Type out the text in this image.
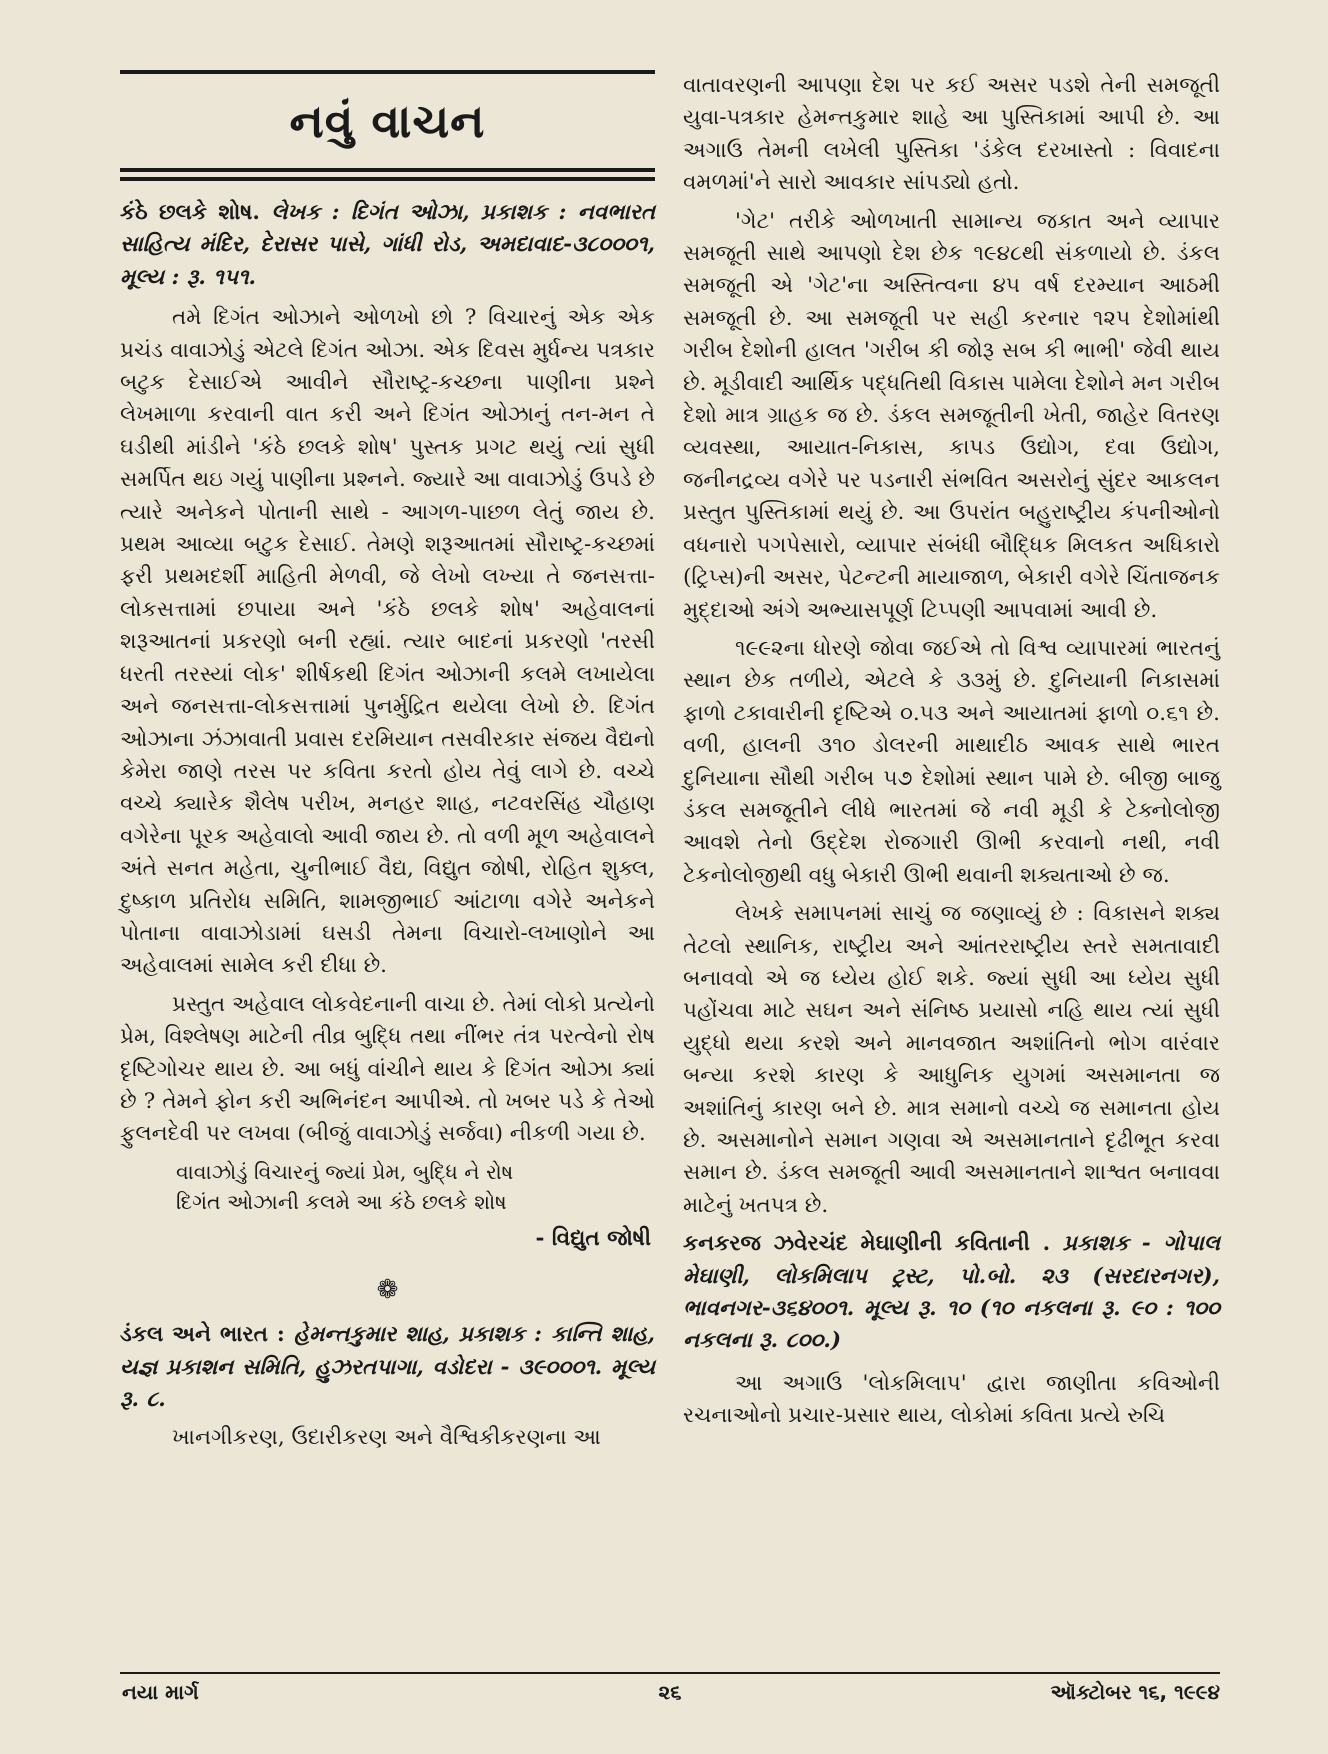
નવું વાચન
કંઠે છલકે શોષ. લેખક : દિગંત ઓઝા, પ્રકાશક : નવભારત સાહિત્ય મંદિર, દેરાસર પાસે, ગાંધી રોડ, અમદાવાદ-૩૮૦૦૦૧, મૂલ્ય : રૂ. ૧૫૧.

તમે દિગંત ઓઝાને ઓળખો છો ? વિચારનું એક એક પ્રચંડ વાવાઝોડું એટલે દિગંત ઓઝા. એક દિવસ મુર્ધન્ય પત્રકાર બટુક દેસાઈએ આવીને સૌરાષ્ટ્ર-કચ્છના પાણીના પ્રશ્ને લેખમાળા કરવાની વાત કરી અને દિગંત ઓઝાનું તન-મન તે ઘડીથી માંડીને 'કંઠે છલકે શોષ' પુસ્તક પ્રગટ થયું ત્યાં સુધી સમર્પિત થઇ ગયું પાણીના પ્રશ્નને. જ્યારે આ વાવાઝોડું ઉપડે છે ત્યારે અનેકને પોતાની સાથે - આગળ-પાછળ લેતું જાય છે. પ્રથમ આવ્યા બટુક દેસાઈ. તેમણે શરૂઆતમાં સૌરાષ્ટ્ર-કચ્છમાં ફરી પ્રથમદર્શી માહિતી મેળવી, જે લેખો લખ્યા તે જનસત્તા-લોકસત્તામાં છપાયા અને 'કંઠે છલકે શોષ' અહેવાલનાં શરૂઆતનાં પ્રકરણો બની રહ્યાં. ત્યાર બાદનાં પ્રકરણો 'તરસી ધરતી તરસ્યાં લોક' શીર્ષકથી દિગંત ઓઝાની કલમે લખાયેલા અને જનસત્તા-લોકસત્તામાં પુનર્મુદ્રિત થયેલા લેખો છે. દિગંત ઓઝાના ઝંઝાવાતી પ્રવાસ દરમિયાન તસવીરકાર સંજય વૈદ્યનો કેમેરા જાણે તરસ પર કવિતા કરતો હોય તેવું લાગે છે. વચ્ચે વચ્ચે ક્યારેક શૈલેષ પરીખ, મનહર શાહ, નટવરસિંહ ચૌહાણ વગેરેના પૂરક અહેવાલો આવી જાય છે. તો વળી મૂળ અહેવાલને અંતે સનત મહેતા, ચુનીભાઈ વૈદ્ય, વિદ્યુત જોષી, રોહિત શુક્લ, દુષ્કાળ પ્રતિરોધ સમિતિ, શામજીભાઈ આંટાળા વગેરે અનેકને પોતાના વાવાઝોડામાં ઘસડી તેમના વિચારો-લખાણોને આ અહેવાલમાં સામેલ કરી દીધા છે.

પ્રસ્તુત અહેવાલ લોકવેદનાની વાચા છે. તેમાં લોકો પ્રત્યેનો પ્રેમ, વિશ્લેષણ માટેની તીવ્ર બુદ્ધિ તથા નીંભર તંત્ર પરત્વેનો રોષ દૃષ્ટિગોચર થાય છે. આ બધું વાંચીને થાય કે દિગંત ઓઝા ક્યાં છે ? તેમને ફોન કરી અભિનંદન આપીએ. તો ખબર પડે કે તેઓ ફુલનદેવી પર લખવા (બીજું વાવાઝોડું સર્જવા) નીકળી ગયા છે.

વાવાઝોડું વિચારનું જ્યાં પ્રેમ, બુદ્ધિ ને રોષ
દિગંત ઓઝાની કલમે આ કંઠે છલકે શોષ
- વિદ્યુત જોષી
❁
ડંકલ અને ભારત : હેમન્તકુમાર શાહ, પ્રકાશક : કાન્તિ શાહ, યજ્ઞ પ્રકાશન સમિતિ, હુઝરતપાગા, વડોદરા - ૩૯૦૦૦૧. મૂલ્ય રૂ. ૮.

ખાનગીકરણ, ઉદારીકરણ અને વૈશ્વિકીકરણના આ

વાતાવરણની આપણા દેશ પર કઈ અસર પડશે તેની સમજૂતી યુવા-પત્રકાર હેમન્તકુમાર શાહે આ પુસ્તિકામાં આપી છે. આ અગાઉ તેમની લખેલી પુસ્તિકા 'ડંકેલ દરખાસ્તો : વિવાદના વમળમાં'ને સારો આવકાર સાંપડ્યો હતો.

'ગેટ' તરીકે ઓળખાતી સામાન્ય જકાત અને વ્યાપાર સમજૂતી સાથે આપણો દેશ છેક ૧૯૪૮થી સંકળાયો છે. ડંકલ સમજૂતી એ 'ગેટ'ના અસ્તિત્વના ૪૫ વર્ષ દરમ્યાન આઠમી સમજૂતી છે. આ સમજૂતી પર સહી કરનાર ૧૨૫ દેશોમાંથી ગરીબ દેશોની હાલત 'ગરીબ કી જોરૂ સબ કી ભાભી' જેવી થાય છે. મૂડીવાદી આર્થિક પદ્ધતિથી વિકાસ પામેલા દેશોને મન ગરીબ દેશો માત્ર ગ્રાહક જ છે. ડંકલ સમજૂતીની ખેતી, જાહેર વિતરણ વ્યવસ્થા, આયાત-નિકાસ, કાપડ ઉદ્યોગ, દવા ઉદ્યોગ, જનીનદ્રવ્ય વગેરે પર પડનારી સંભવિત અસરોનું સુંદર આકલન પ્રસ્તુત પુસ્તિકામાં થયું છે. આ ઉપરાંત બહુરાષ્ટ્રીય કંપનીઓનો વધનારો પગપેસારો, વ્યાપાર સંબંધી બૌદ્ધિક મિલકત અધિકારો (ટ્રિપ્સ)ની અસર, પેટન્ટની માયાજાળ, બેકારી વગેરે ચિંતાજનક મુદ્દાઓ અંગે અભ્યાસપૂર્ણ ટિપ્પણી આપવામાં આવી છે.

૧૯૯૨ના ધોરણે જોવા જઈએ તો વિશ્વ વ્યાપારમાં ભારતનું સ્થાન છેક તળીયે, એટલે કે ૩૩મું છે. દુનિયાની નિકાસમાં ફાળો ટકાવારીની દૃષ્ટિએ ૦.૫૩ અને આયાતમાં ફાળો ૦.૬૧ છે. વળી, હાલની ૩૧૦ ડોલરની માથાદીઠ આવક સાથે ભારત દુનિયાના સૌથી ગરીબ ૫૭ દેશોમાં સ્થાન પામે છે. બીજી બાજુ ડંકલ સમજૂતીને લીધે ભારતમાં જે નવી મૂડી કે ટેક્નોલોજી આવશે તેનો ઉદ્દેશ રોજગારી ઊભી કરવાનો નથી, નવી ટેકનોલોજીથી વધુ બેકારી ઊભી થવાની શક્યતાઓ છે જ.

લેખકે સમાપનમાં સાચું જ જણાવ્યું છે : વિકાસને શક્ય તેટલો સ્થાનિક, રાષ્ટ્રીય અને આંતરરાષ્ટ્રીય સ્તરે સમતાવાદી બનાવવો એ જ ધ્યેય હોઈ શકે. જ્યાં સુધી આ ધ્યેય સુધી પહોંચવા માટે સઘન અને સંનિષ્ઠ પ્રયાસો નહિ થાય ત્યાં સુધી યુદ્ધો થયા કરશે અને માનવજાત અશાંતિનો ભોગ વારંવાર બન્યા કરશે કારણ કે આધુનિક યુગમાં અસમાનતા જ અશાંતિનું કારણ બને છે. માત્ર સમાનો વચ્ચે જ સમાનતા હોય છે. અસમાનોને સમાન ગણવા એ અસમાનતાને દૃઢીભૂત કરવા સમાન છે. ડંકલ સમજૂતી આવી અસમાનતાને શાશ્વત બનાવવા માટેનું ખતપત્ર છે.

કનકરજ ઝવેરચંદ મેઘાણીની કવિતાની . પ્રકાશક - ગોપાલ મેઘાણી, લોકમિલાપ ટ્રસ્ટ, પો.બો. ૨૩ (સરદારનગર), ભાવનગર-૩૬૪૦૦૧. મૂલ્ય રૂ. ૧૦ (૧૦ નકલના રૂ. ૯૦ : ૧૦૦ નકલના રૂ. ૮૦૦.)

આ અગાઉ 'લોકમિલાપ' દ્વારા જાણીતા કવિઓની રચનાઓનો પ્રચાર-પ્રસાર થાય, લોકોમાં કવિતા પ્રત્યે રુચિ

નયા માર્ગ	૨૬	ઑક્ટોબર ૧૬, ૧૯૯૪
